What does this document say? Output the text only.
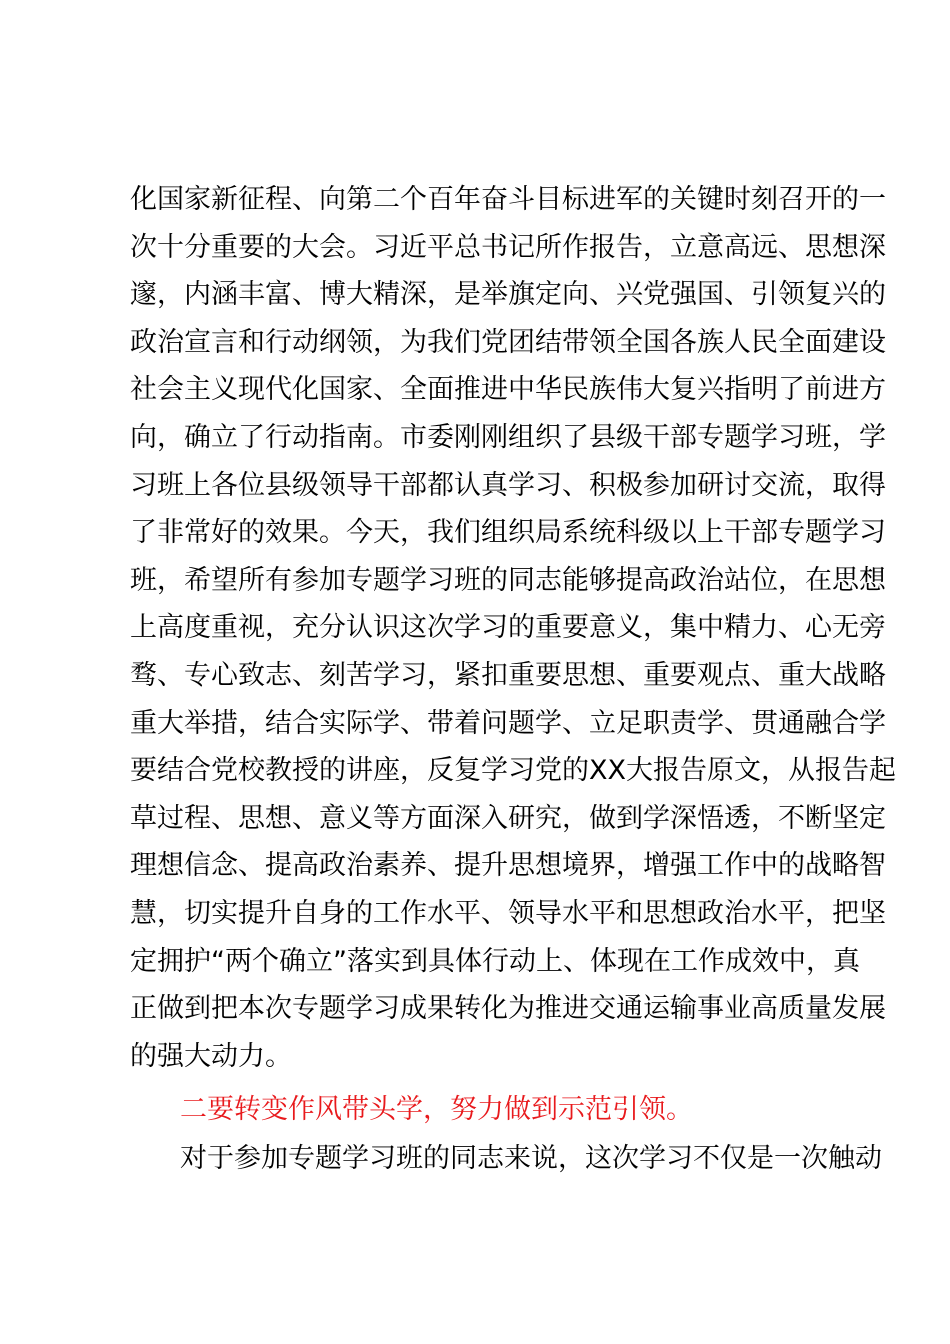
化国家新征程、向第二个百年奋斗目标进军的关键时刻召开的一
次十分重要的大会。习近平总书记所作报告，立意高远、思想深
邃，内涵丰富、博大精深，是举旗定向、兴党强国、引领复兴的
政治宣言和行动纲领，为我们党团结带领全国各族人民全面建设
社会主义现代化国家、全面推进中华民族伟大复兴指明了前进方
向，确立了行动指南。市委刚刚组织了县级干部专题学习班，学
习班上各位县级领导干部都认真学习、积极参加研讨交流，取得
了非常好的效果。今天，我们组织局系统科级以上干部专题学习
班，希望所有参加专题学习班的同志能够提高政治站位，在思想
上高度重视，充分认识这次学习的重要意义，集中精力、心无旁
骛、专心致志、刻苦学习，紧扣重要思想、重要观点、重大战略
重大举措，结合实际学、带着问题学、立足职责学、贯通融合学
要结合党校教授的讲座，反复学习党的XX大报告原文，从报告起
草过程、思想、意义等方面深入研究，做到学深悟透，不断坚定
理想信念、提高政治素养、提升思想境界，增强工作中的战略智
慧，切实提升自身的工作水平、领导水平和思想政治水平，把坚
定拥护“两个确立”落实到具体行动上、体现在工作成效中，真
正做到把本次专题学习成果转化为推进交通运输事业高质量发展
的强大动力。
二要转变作风带头学，努力做到示范引领。
对于参加专题学习班的同志来说，这次学习不仅是一次触动
